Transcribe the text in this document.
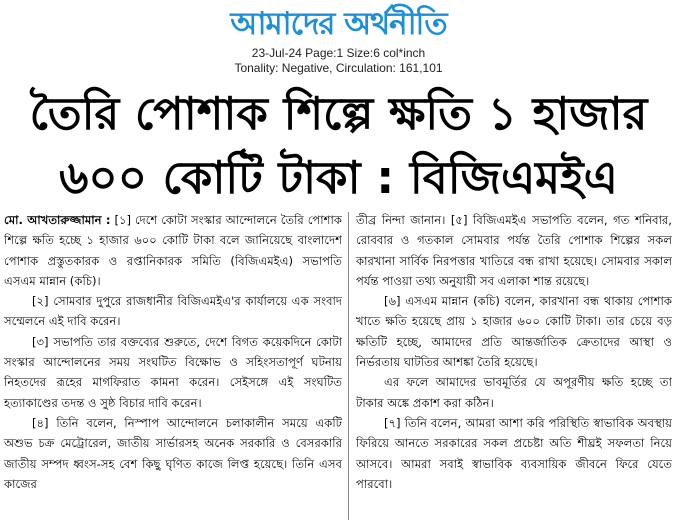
আমাদের অর্থনীতি
23-Jul-24 Page:1 Size:6 col*inch
Tonality: Negative, Circulation: 161,101
তৈরি পোশাক শিল্পে ক্ষতি ১ হাজার
৬০০ কোটি টাকা : বিজিএমইএ

মো. আখতারুজ্জামান : [১] দেশে কোটা সংস্কার আন্দোলনে তৈরি পোশাক শিল্পে ক্ষতি হচ্ছে ১ হাজার ৬০০ কোটি টাকা বলে জানিয়েছে বাংলাদেশ পোশাক প্রস্তুতকারক ও রপ্তানিকারক সমিতি (বিজিএমইএ) সভাপতি এসএম মান্নান (কচি)।

[২] সোমবার দুপুরে রাজধানীর বিজিএমইএ'র কার্যালয়ে এক সংবাদ সম্মেলনে এই দাবি করেন।

[৩] সভাপতি তার বক্তব্যের শুরুতে, দেশে বিগত কয়েকদিনে কোটা সংস্কার আন্দোলনের সময় সংঘটিত বিক্ষোভ ও সহিংসতাপূর্ণ ঘটনায় নিহতদের রূহের মাগফিরাত কামনা করেন। সেইসঙ্গে এই সংঘটিত হত্যাকাণ্ডের তদন্ত ও সুষ্ঠ বিচার দাবি করেন।

[৪] তিনি বলেন, নিস্পাপ আন্দোলনে চলাকালীন সময়ে একটি অশুভ চক্র মেট্রোরেল, জাতীয় সার্ভারসহ অনেক সরকারি ও বেসরকারি জাতীয় সম্পদ ধ্বংস-সহ বেশ কিছু ঘৃণিত কাজে লিপ্ত হয়েছে। তিনি এসব কাজের

তীব্র নিন্দা জানান। [৫] বিজিএমইএ সভাপতি বলেন, গত শনিবার, রোববার ও গতকাল সোমবার পর্যন্ত তৈরি পোশাক শিল্পের সকল কারখানা সার্বিক নিরপত্তার খাতিরে বন্ধ রাখা হয়েছে। সোমবার সকাল পর্যন্ত পাওয়া তথ্য অনুযায়ী সব এলাকা শান্ত রয়েছে।

[৬] এসএম মান্নান (কচি) বলেন, কারখানা বন্ধ থাকায় পোশাক খাতে ক্ষতি হয়েছে প্রায় ১ হাজার ৬০০ কোটি টাকা। তার চেয়ে বড় ক্ষতিটি হচ্ছে, আমাদের প্রতি আন্তর্জাতিক ক্রেতাদের আস্থা ও নির্ভরতায় ঘাটতির আশঙ্কা তৈরি হয়েছে।

এর ফলে আমাদের ভাবমূর্তির যে অপূরণীয় ক্ষতি হচ্ছে তা টাকার অঙ্কে প্রকাশ করা কঠিন।

[৭] তিনি বলেন, আমরা আশা করি পরিস্থিতি স্বাভাবিক অবস্থায় ফিরিয়ে আনতে সরকারের সকল প্রচেষ্টা অতি শীঘ্রই সফলতা নিয়ে আসবে। আমরা সবাই স্বাভাবিক ব্যবসায়িক জীবনে ফিরে যেতে পারবো।
